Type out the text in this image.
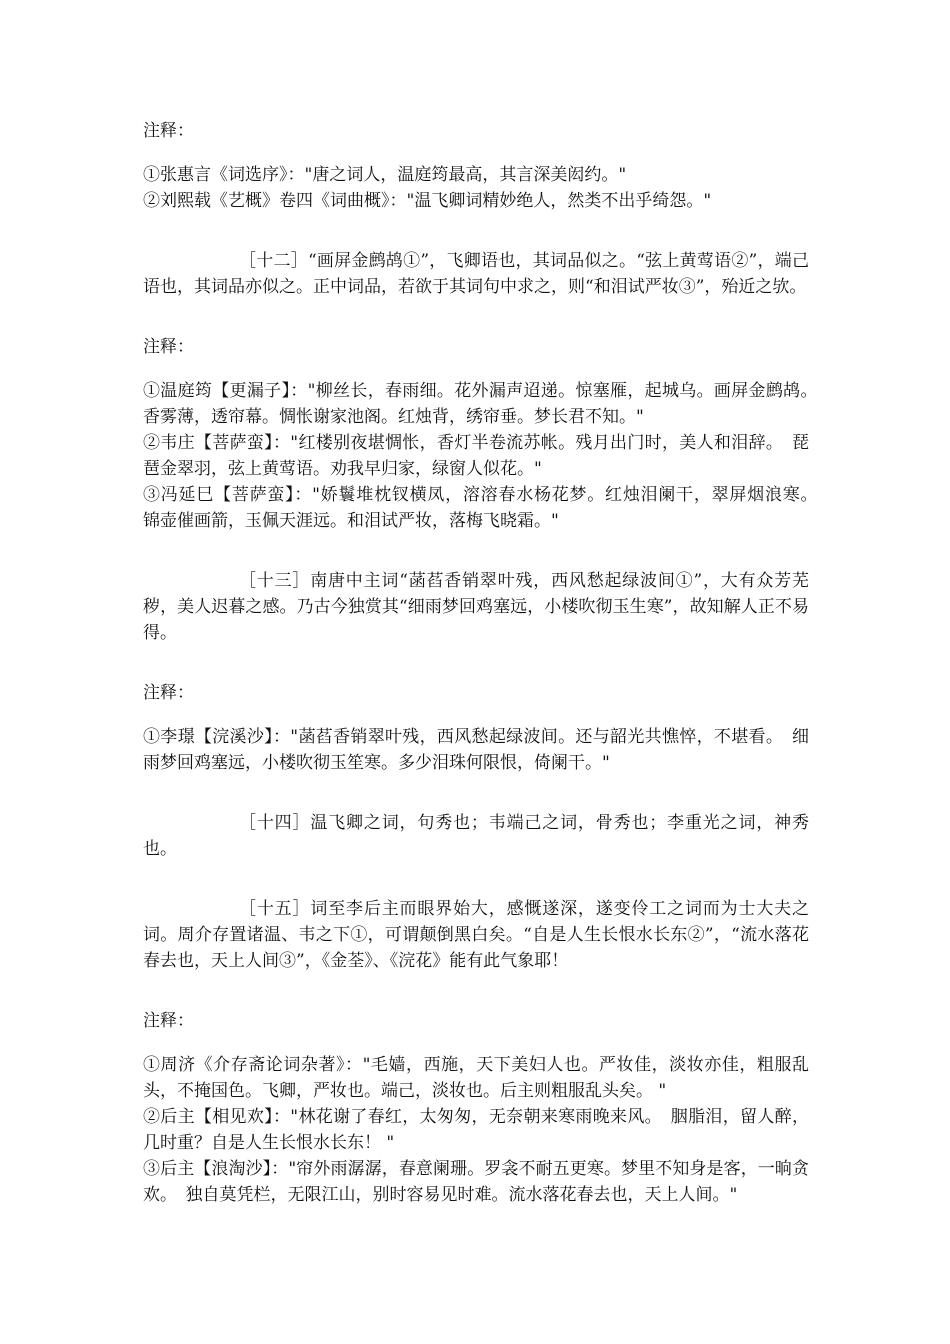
注释：

①张惠言《词选序》："唐之词人，温庭筠最高，其言深美闳约。"

②刘熙载《艺概》卷四《词曲概》："温飞卿词精妙绝人，然类不出乎绮怨。"

［十二］“画屏金鹧鸪①”，飞卿语也，其词品似之。“弦上黄莺语②”，端己语也，其词品亦似之。正中词品，若欲于其词句中求之，则“和泪试严妆③”，殆近之欤。

注释：

①温庭筠【更漏子】："柳丝长，春雨细。花外漏声迢递。惊塞雁，起城乌。画屏金鹧鸪。　香雾薄，透帘幕。惆怅谢家池阁。红烛背，绣帘垂。梦长君不知。"

②韦庄【菩萨蛮】："红楼别夜堪惆怅，香灯半卷流苏帐。残月出门时，美人和泪辞。　琵琶金翠羽，弦上黄莺语。劝我早归家，绿窗人似花。"

③冯延巳【菩萨蛮】："娇鬟堆枕钗横凤，溶溶春水杨花梦。红烛泪阑干，翠屏烟浪寒。　锦壶催画箭，玉佩天涯远。和泪试严妆，落梅飞晓霜。"

［十三］南唐中主词“菡萏香销翠叶残，西风愁起绿波间①”，大有众芳芜秽，美人迟暮之感。乃古今独赏其“细雨梦回鸡塞远，小楼吹彻玉生寒”，故知解人正不易得。

注释：

①李璟【浣溪沙】："菡萏香销翠叶残，西风愁起绿波间。还与韶光共憔悴，不堪看。　细雨梦回鸡塞远，小楼吹彻玉笙寒。多少泪珠何限恨，倚阑干。"

［十四］温飞卿之词，句秀也；韦端己之词，骨秀也；李重光之词，神秀也。

［十五］词至李后主而眼界始大，感慨遂深，遂变伶工之词而为士大夫之词。周介存置诸温、韦之下①，可谓颠倒黑白矣。“自是人生长恨水长东②”，“流水落花春去也，天上人间③”，《金荃》、《浣花》能有此气象耶！

注释：

①周济《介存斋论词杂著》："毛嫱，西施，天下美妇人也。严妆佳，淡妆亦佳，粗服乱头，不掩国色。飞卿，严妆也。端己，淡妆也。后主则粗服乱头矣。 "

②后主【相见欢】："林花谢了春红，太匆匆，无奈朝来寒雨晚来风。　胭脂泪，留人醉，几时重？自是人生长恨水长东！ "

③后主【浪淘沙】："帘外雨潺潺，春意阑珊。罗衾不耐五更寒。梦里不知身是客，一晌贪欢。　独自莫凭栏，无限江山，别时容易见时难。流水落花春去也，天上人间。"
